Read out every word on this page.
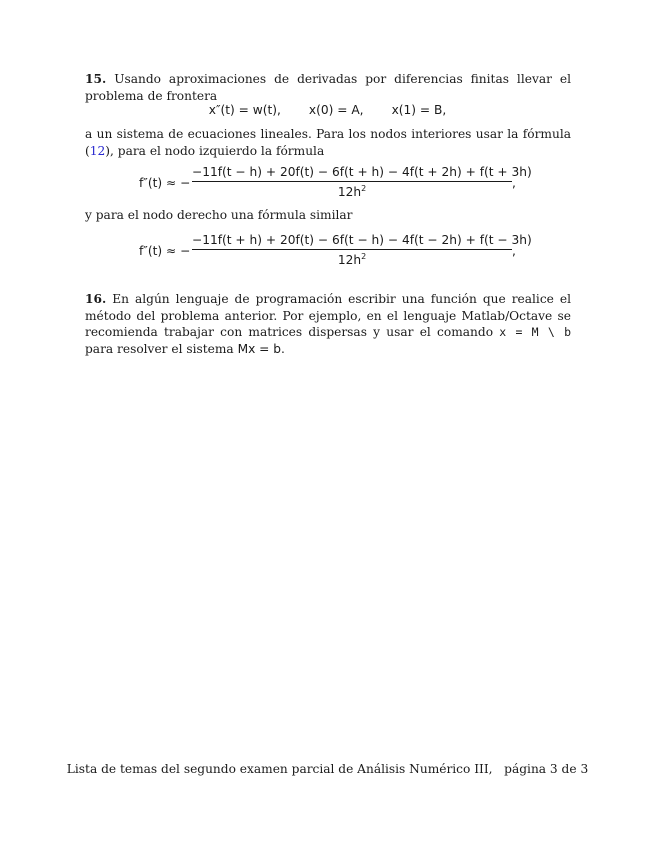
15. Usando aproximaciones de derivadas por diferencias finitas llevar el problema de frontera
x″(t) = w(t), x(0) = A, x(1) = B,
a un sistema de ecuaciones lineales. Para los nodos interiores usar la fórmula (12), para el nodo izquierdo la fórmula
f″(t) ≈ −
−11f(t − h) + 20f(t) − 6f(t + h) − 4f(t + 2h) + f(t + 3h)
$12h^2$	,
y para el nodo derecho una fórmula similar
f″(t) ≈ −
−11f(t + h) + 20f(t) − 6f(t − h) − 4f(t − 2h) + f(t − 3h)
$12h^2$	,
16. En algún lenguaje de programación escribir una función que realice el método del problema anterior. Por ejemplo, en el lenguaje Matlab/Octave se recomienda trabajar con matrices dispersas y usar el comando x = M \ b para resolver el sistema Mx = b.
Lista de temas del segundo examen parcial de Análisis Numérico III, página 3 de 3
